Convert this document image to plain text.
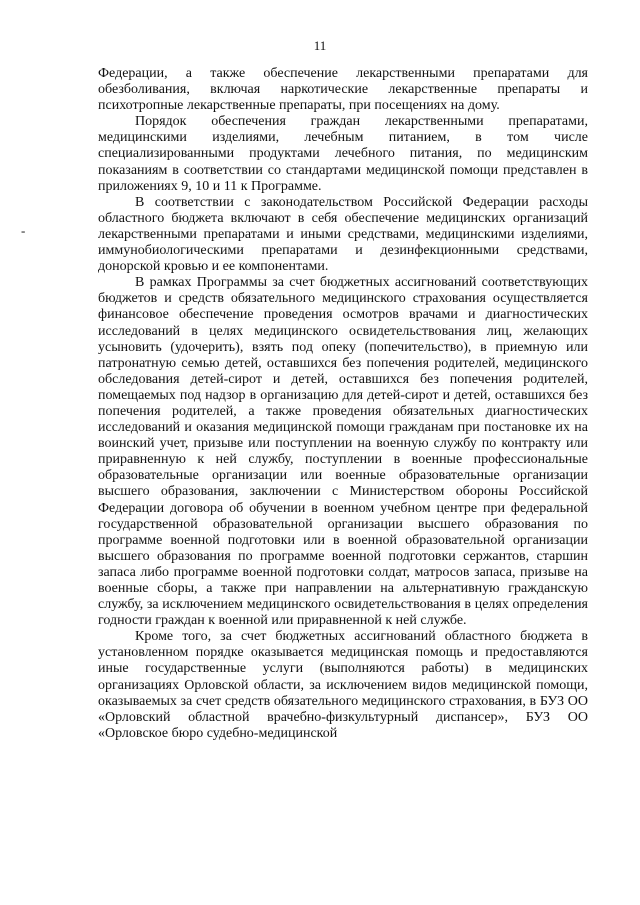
11
-

Федерации, а также обеспечение лекарственными препаратами для обезболивания, включая наркотические лекарственные препараты и психотропные лекарственные препараты, при посещениях на дому.

Порядок обеспечения граждан лекарственными препаратами, медицинскими изделиями, лечебным питанием, в том числе специализированными продуктами лечебного питания, по медицинским показаниям в соответствии со стандартами медицинской помощи представлен в приложениях 9, 10 и 11 к Программе.

В соответствии с законодательством Российской Федерации расходы областного бюджета включают в себя обеспечение медицинских организаций лекарственными препаратами и иными средствами, медицинскими изделиями, иммунобиологическими препаратами и дезинфекционными средствами, донорской кровью и ее компонентами.

В рамках Программы за счет бюджетных ассигнований соответствующих бюджетов и средств обязательного медицинского страхования осуществляется финансовое обеспечение проведения осмотров врачами и диагностических исследований в целях медицинского освидетельствования лиц, желающих усыновить (удочерить), взять под опеку (попечительство), в приемную или патронатную семью детей, оставшихся без попечения родителей, медицинского обследования детей-сирот и детей, оставшихся без попечения родителей, помещаемых под надзор в организацию для детей-сирот и детей, оставшихся без попечения родителей, а также проведения обязательных диагностических исследований и оказания медицинской помощи гражданам при постановке их на воинский учет, призыве или поступлении на военную службу по контракту или приравненную к ней службу, поступлении в военные профессиональные образовательные организации или военные образовательные организации высшего образования, заключении с Министерством обороны Российской Федерации договора об обучении в военном учебном центре при федеральной государственной образовательной организации высшего образования по программе военной подготовки или в военной образовательной организации высшего образования по программе военной подготовки сержантов, старшин запаса либо программе военной подготовки солдат, матросов запаса, призыве на военные сборы, а также при направлении на альтернативную гражданскую службу, за исключением медицинского освидетельствования в целях определения годности граждан к военной или приравненной к ней службе.

Кроме того, за счет бюджетных ассигнований областного бюджета в установленном порядке оказывается медицинская помощь и предоставляются иные государственные услуги (выполняются работы) в медицинских организациях Орловской области, за исключением видов медицинской помощи, оказываемых за счет средств обязательного медицинского страхования, в БУЗ ОО «Орловский областной врачебно-физкультурный диспансер», БУЗ ОО «Орловское бюро судебно-медицинской
